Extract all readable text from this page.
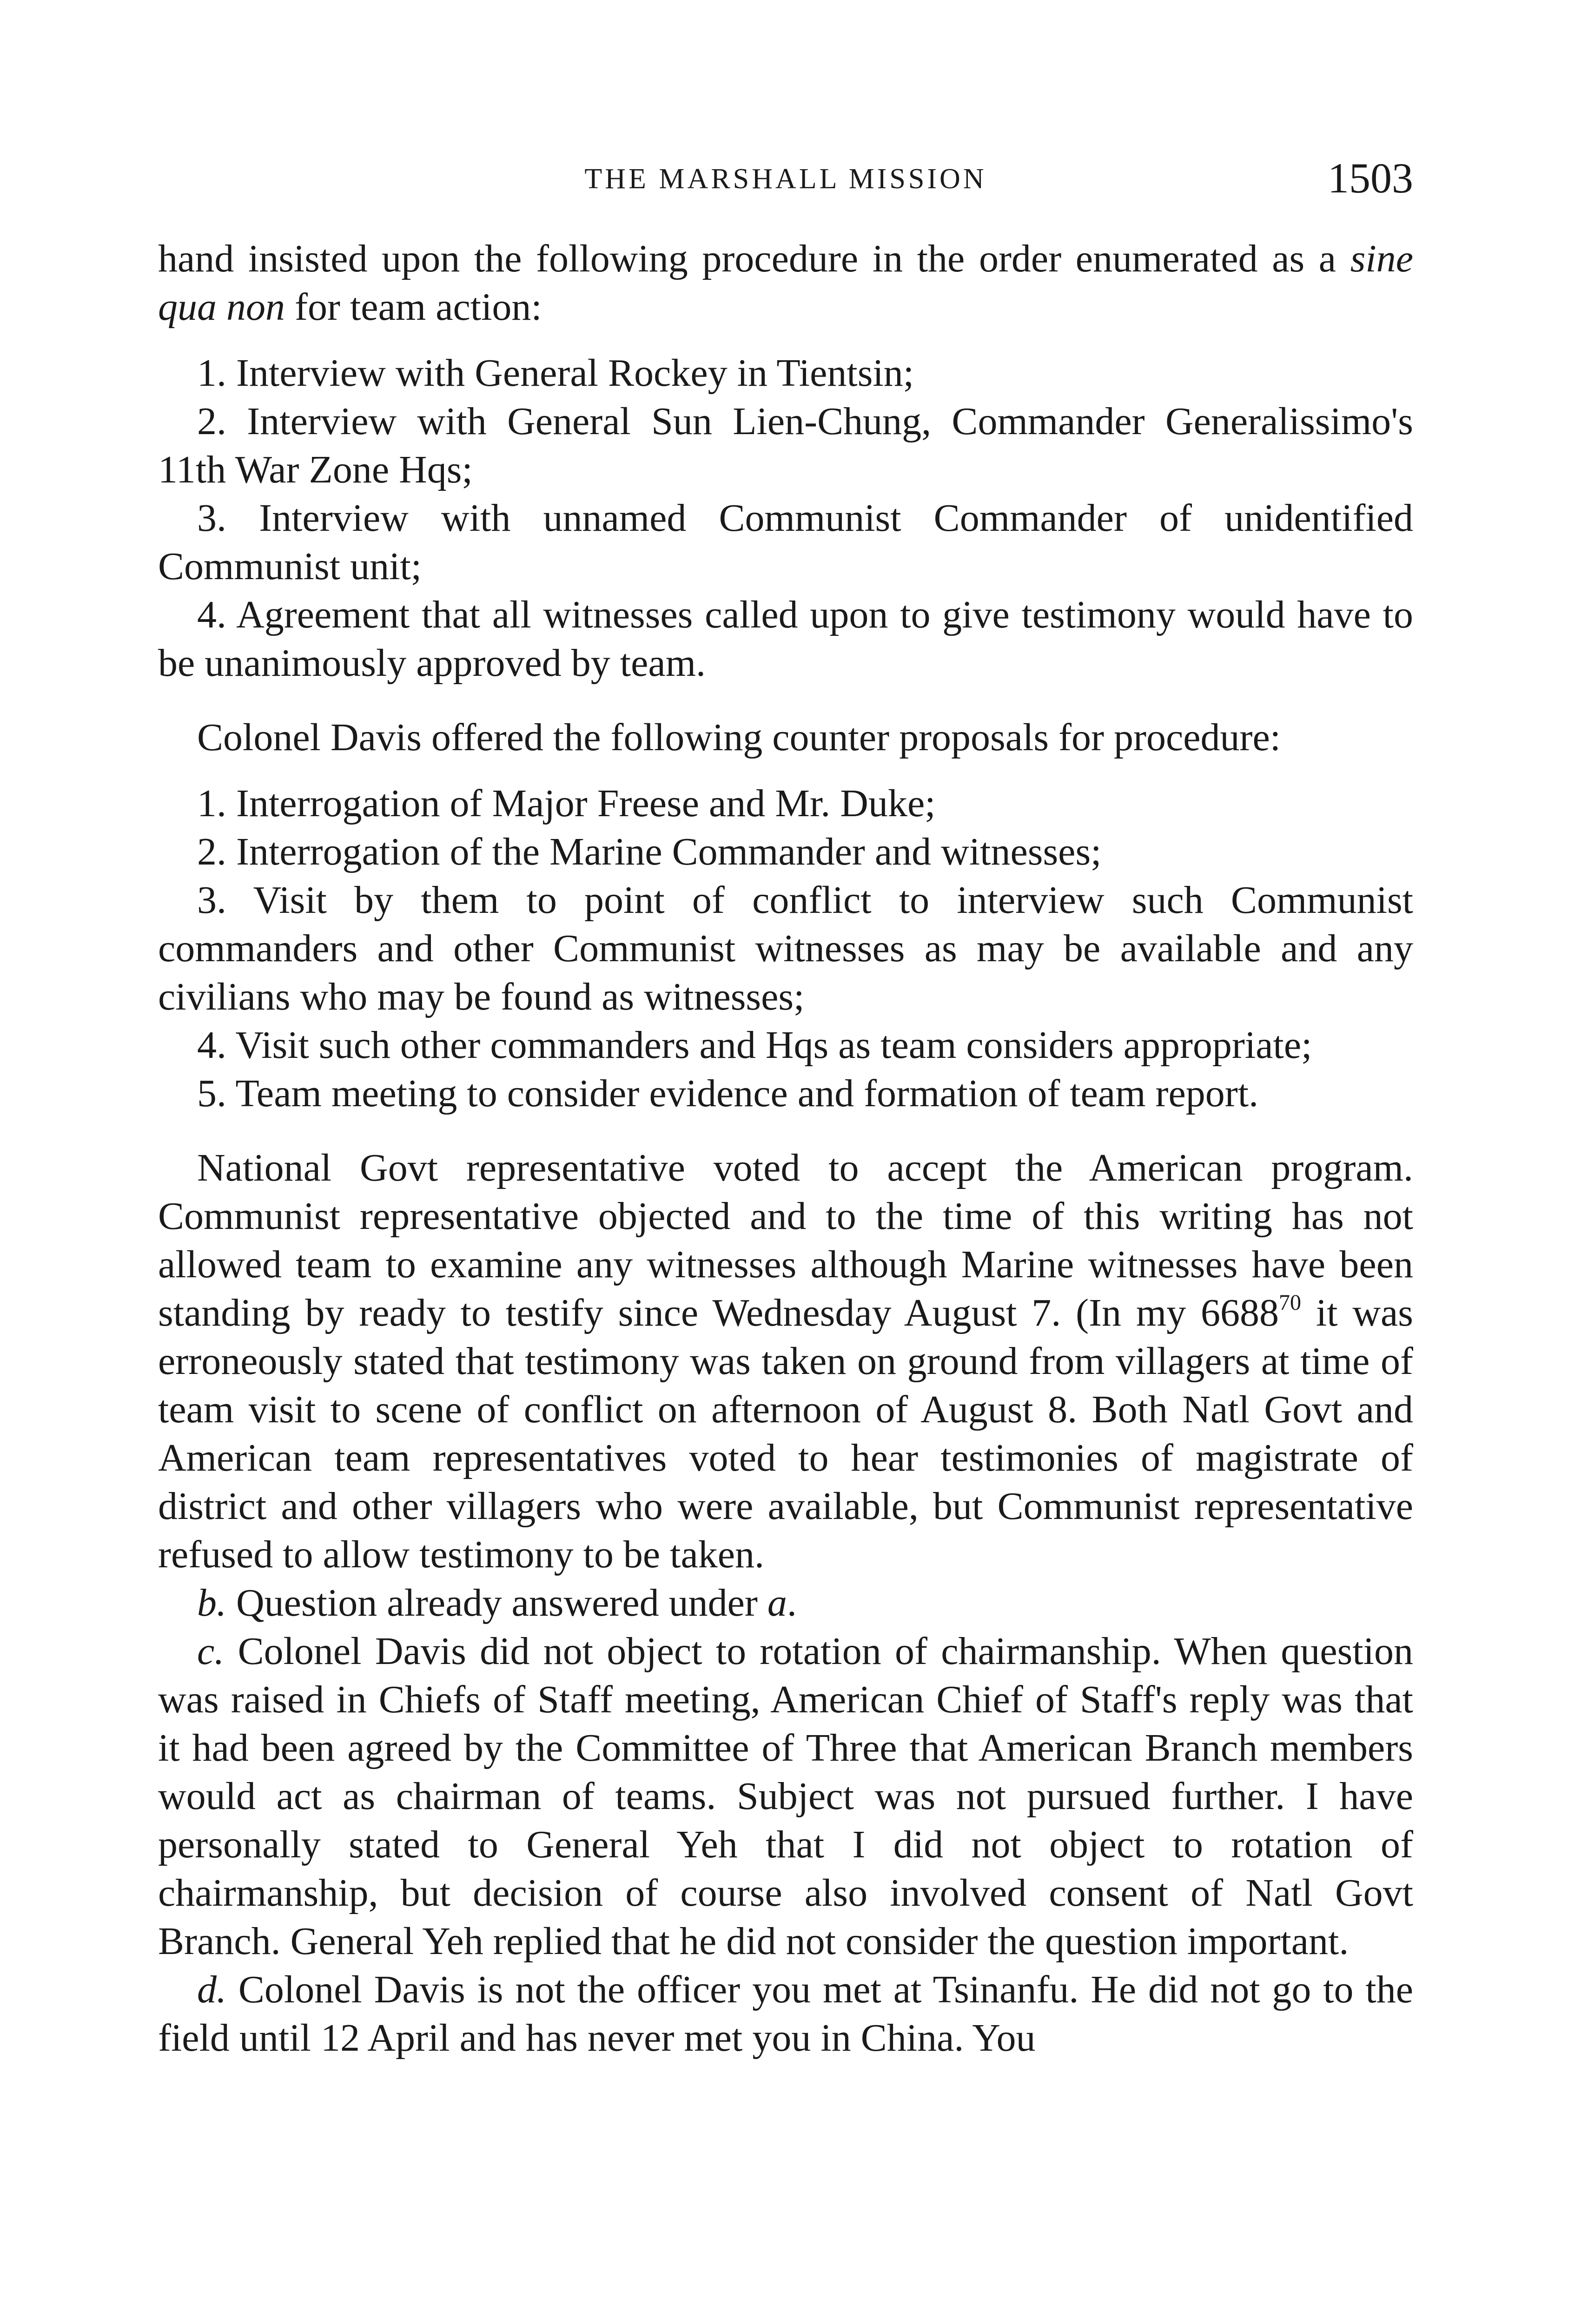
THE MARSHALL MISSION	1503

hand insisted upon the following procedure in the order enumerated as a sine qua non for team action:

1. Interview with General Rockey in Tientsin;

2. Interview with General Sun Lien-Chung, Commander Generalissimo's 11th War Zone Hqs;

3. Interview with unnamed Communist Commander of unidentified Communist unit;

4. Agreement that all witnesses called upon to give testimony would have to be unanimously approved by team.

Colonel Davis offered the following counter proposals for procedure:

1. Interrogation of Major Freese and Mr. Duke;

2. Interrogation of the Marine Commander and witnesses;

3. Visit by them to point of conflict to interview such Communist commanders and other Communist witnesses as may be available and any civilians who may be found as witnesses;

4. Visit such other commanders and Hqs as team considers appropriate;

5. Team meeting to consider evidence and formation of team report.

National Govt representative voted to accept the American program. Communist representative objected and to the time of this writing has not allowed team to examine any witnesses although Marine witnesses have been standing by ready to testify since Wednesday August 7. (In my 6688$^{70}$ it was erroneously stated that testimony was taken on ground from villagers at time of team visit to scene of conflict on afternoon of August 8. Both Natl Govt and American team representatives voted to hear testimonies of magistrate of district and other villagers who were available, but Communist representative refused to allow testimony to be taken.

b. Question already answered under a.

c. Colonel Davis did not object to rotation of chairmanship. When question was raised in Chiefs of Staff meeting, American Chief of Staff's reply was that it had been agreed by the Committee of Three that American Branch members would act as chairman of teams. Subject was not pursued further. I have personally stated to General Yeh that I did not object to rotation of chairmanship, but decision of course also involved consent of Natl Govt Branch. General Yeh replied that he did not consider the question important.

d. Colonel Davis is not the officer you met at Tsinanfu. He did not go to the field until 12 April and has never met you in China. You
